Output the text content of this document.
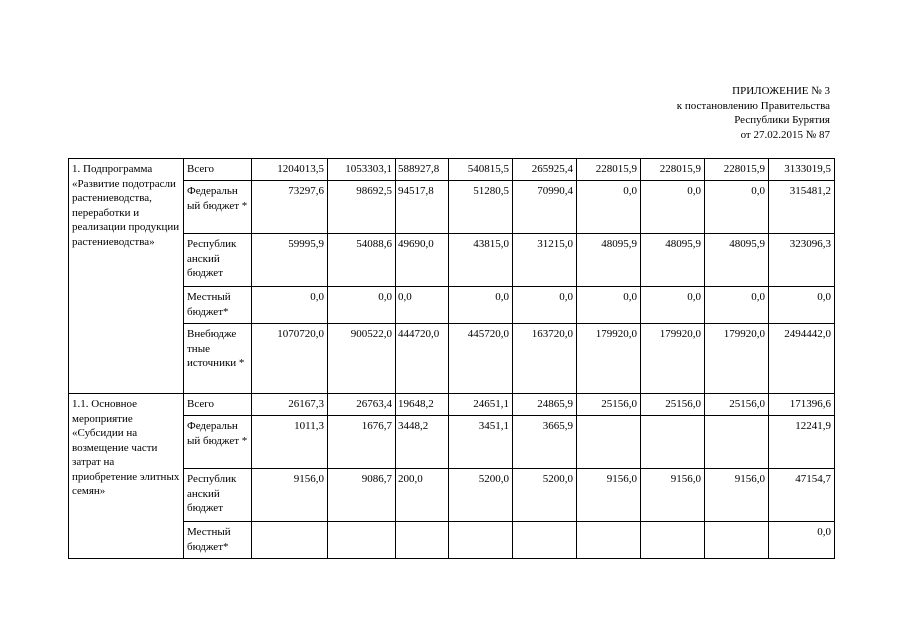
ПРИЛОЖЕНИЕ № 3
к постановлению Правительства
Республики Бурятия
от 27.02.2015 № 87
1. Подпрограмма «Развитие подотрасли растениеводства, переработки и реализации продукции растениеводства»	Всего	1204013,5	1053303,1	588927,8	540815,5	265925,4	228015,9	228015,9	228015,9	3133019,5
	Федеральн ый бюджет *	73297,6	98692,5	94517,8	51280,5	70990,4	0,0	0,0	0,0	315481,2
	Республик анский бюджет	59995,9	54088,6	49690,0	43815,0	31215,0	48095,9	48095,9	48095,9	323096,3
	Местный бюджет*	0,0	0,0	0,0	0,0	0,0	0,0	0,0	0,0	0,0
	Внебюдже тные источники *	1070720,0	900522,0	444720,0	445720,0	163720,0	179920,0	179920,0	179920,0	2494442,0
1.1. Основное мероприятие «Субсидии на возмещение части затрат на приобретение элитных семян»	Всего	26167,3	26763,4	19648,2	24651,1	24865,9	25156,0	25156,0	25156,0	171396,6
	Федеральн ый бюджет *	1011,3	1676,7	3448,2	3451,1	3665,9				12241,9
	Республик анский бюджет	9156,0	9086,7	200,0	5200,0	5200,0	9156,0	9156,0	9156,0	47154,7
	Местный бюджет*									0,0
